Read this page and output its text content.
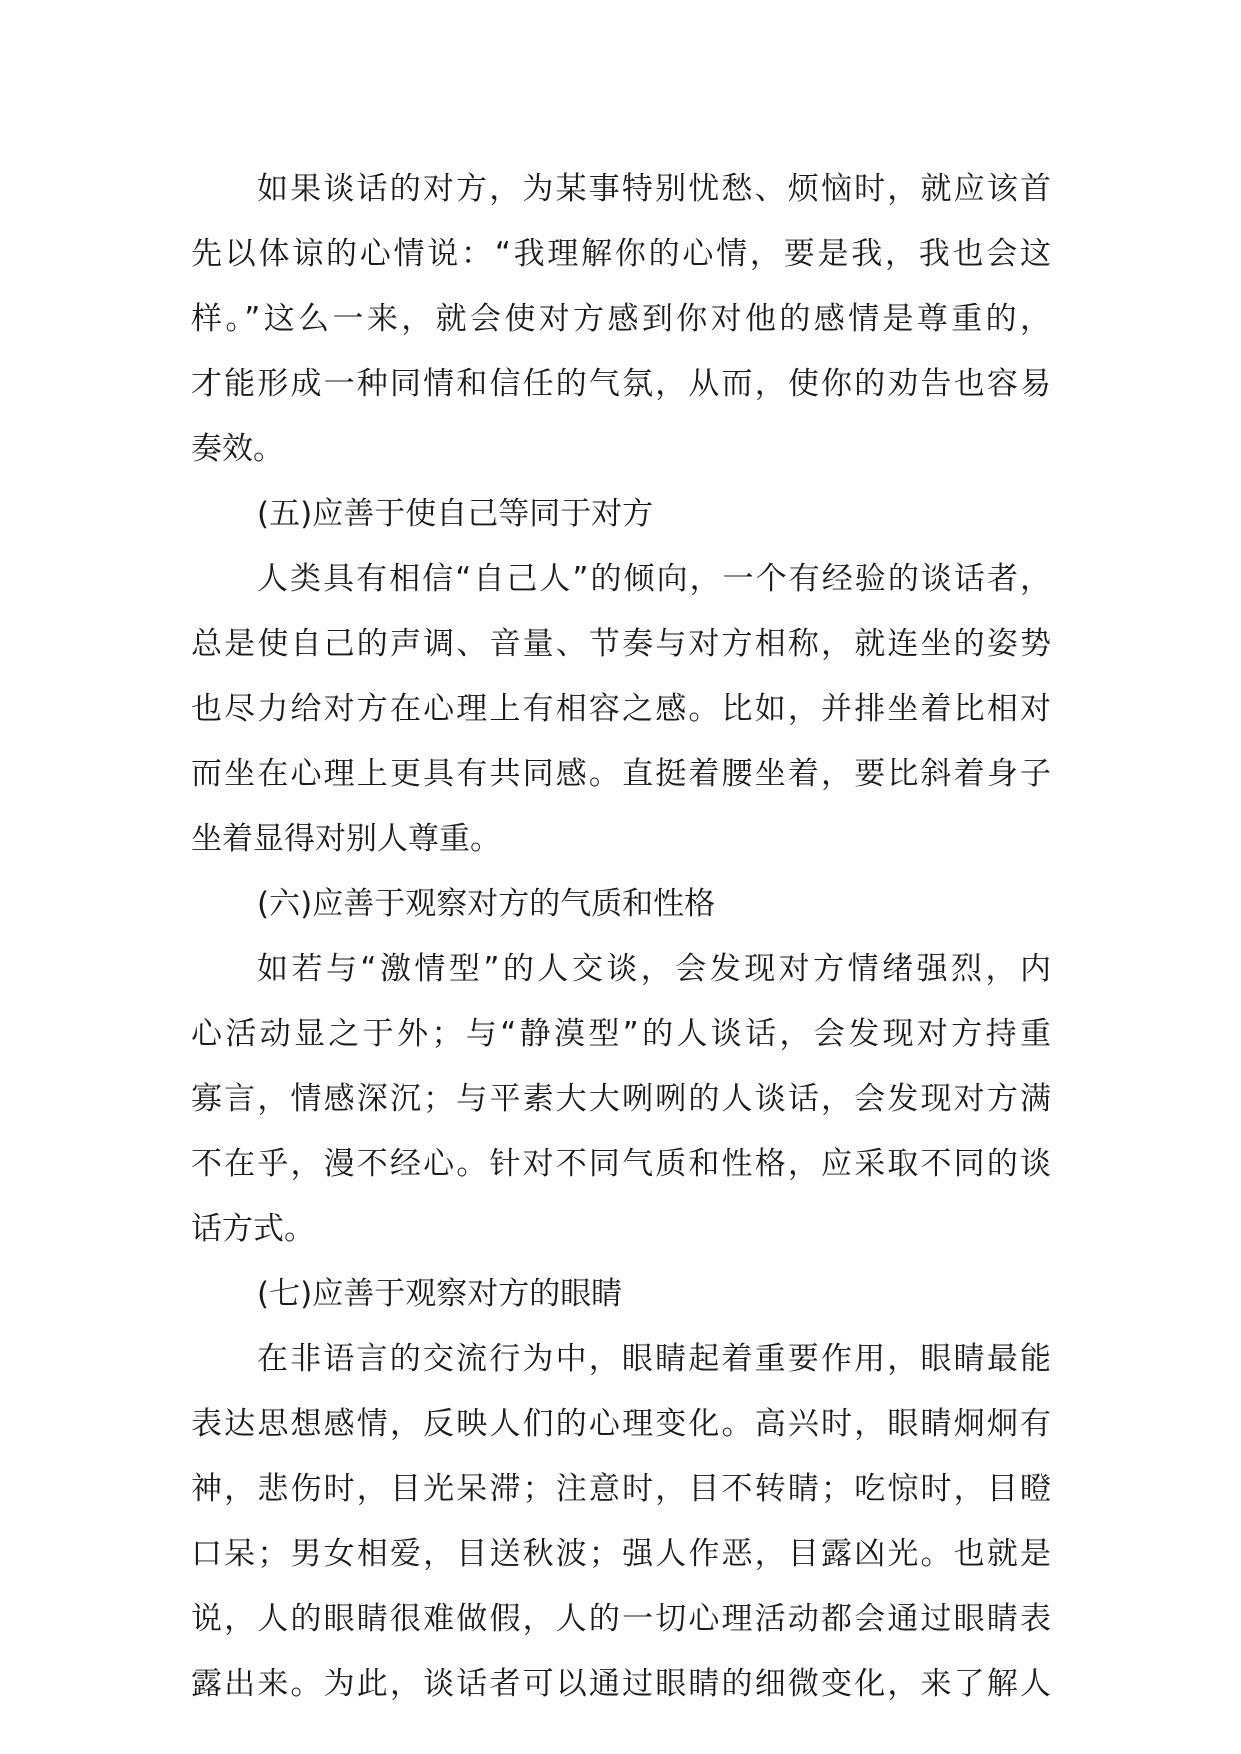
如果谈话的对方，为某事特别忧愁、烦恼时，就应该首
先以体谅的心情说：“我理解你的心情，要是我，我也会这
样。”这么一来，就会使对方感到你对他的感情是尊重的，
才能形成一种同情和信任的气氛，从而，使你的劝告也容易
奏效。
(五)应善于使自己等同于对方
人类具有相信“自己人”的倾向，一个有经验的谈话者，
总是使自己的声调、音量、节奏与对方相称，就连坐的姿势
也尽力给对方在心理上有相容之感。比如，并排坐着比相对
而坐在心理上更具有共同感。直挺着腰坐着，要比斜着身子
坐着显得对别人尊重。
(六)应善于观察对方的气质和性格
如若与“激情型”的人交谈，会发现对方情绪强烈，内
心活动显之于外；与“静漠型”的人谈话，会发现对方持重
寡言，情感深沉；与平素大大咧咧的人谈话，会发现对方满
不在乎，漫不经心。针对不同气质和性格，应采取不同的谈
话方式。
(七)应善于观察对方的眼睛
在非语言的交流行为中，眼睛起着重要作用，眼睛最能
表达思想感情，反映人们的心理变化。高兴时，眼睛炯炯有
神，悲伤时，目光呆滞；注意时，目不转睛；吃惊时，目瞪
口呆；男女相爱，目送秋波；强人作恶，目露凶光。也就是
说，人的眼睛很难做假，人的一切心理活动都会通过眼睛表
露出来。为此，谈话者可以通过眼睛的细微变化，来了解人
